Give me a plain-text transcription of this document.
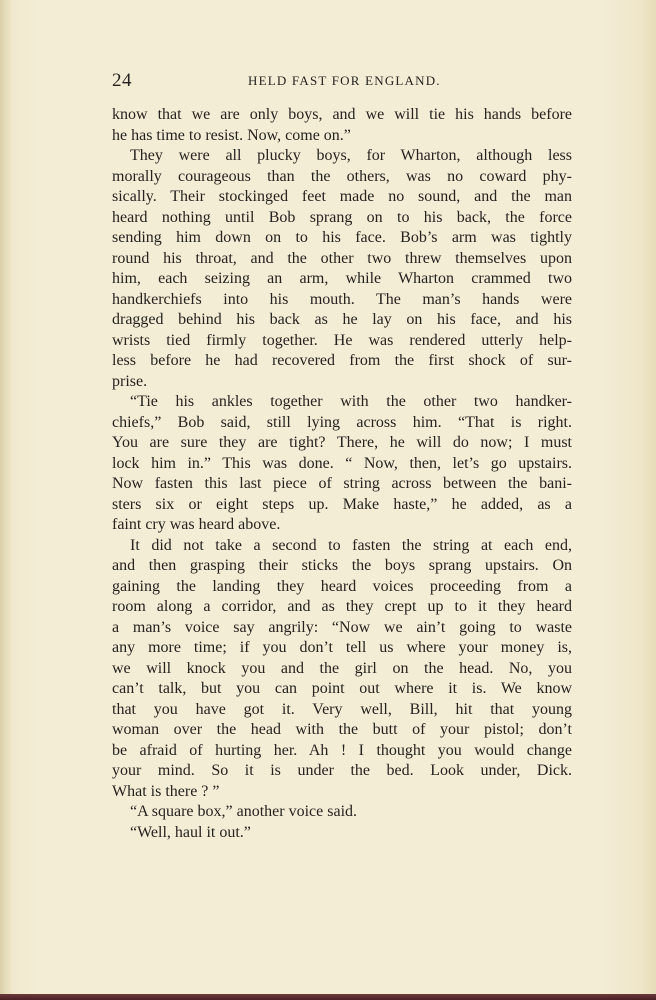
24	HELD FAST FOR ENGLAND.
know that we are only boys, and we will tie his hands before
he has time to resist. Now, come on.”
They were all plucky boys, for Wharton, although less
morally courageous than the others, was no coward phy-
sically. Their stockinged feet made no sound, and the man
heard nothing until Bob sprang on to his back, the force
sending him down on to his face. Bob’s arm was tightly
round his throat, and the other two threw themselves upon
him, each seizing an arm, while Wharton crammed two
handkerchiefs into his mouth. The man’s hands were
dragged behind his back as he lay on his face, and his
wrists tied firmly together. He was rendered utterly help-
less before he had recovered from the first shock of sur-
prise.
“Tie his ankles together with the other two handker-
chiefs,” Bob said, still lying across him. “That is right.
You are sure they are tight? There, he will do now; I must
lock him in.” This was done. “ Now, then, let’s go upstairs.
Now fasten this last piece of string across between the bani-
sters six or eight steps up. Make haste,” he added, as a
faint cry was heard above.
It did not take a second to fasten the string at each end,
and then grasping their sticks the boys sprang upstairs. On
gaining the landing they heard voices proceeding from a
room along a corridor, and as they crept up to it they heard
a man’s voice say angrily: “Now we ain’t going to waste
any more time; if you don’t tell us where your money is,
we will knock you and the girl on the head. No, you
can’t talk, but you can point out where it is. We know
that you have got it. Very well, Bill, hit that young
woman over the head with the butt of your pistol; don’t
be afraid of hurting her. Ah ! I thought you would change
your mind. So it is under the bed. Look under, Dick.
What is there ? ”
“A square box,” another voice said.
“Well, haul it out.”
